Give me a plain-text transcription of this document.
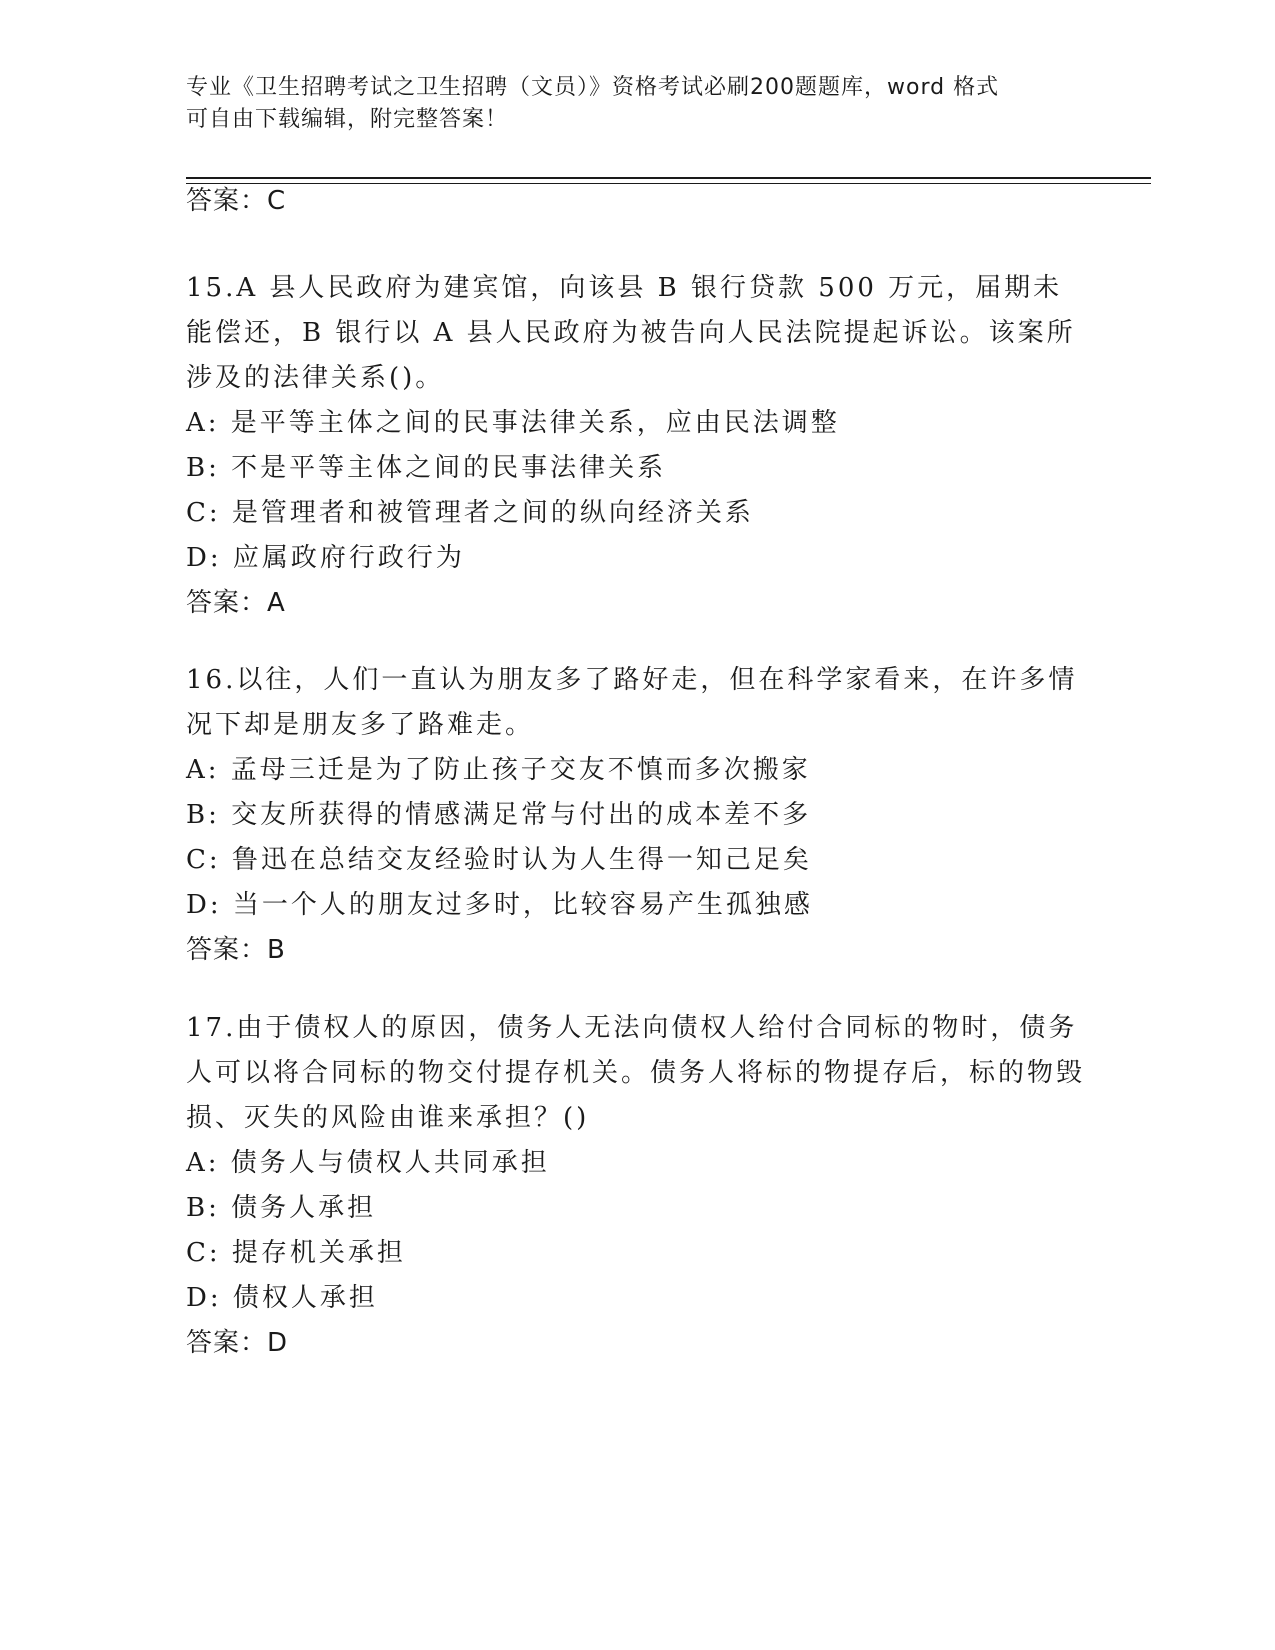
专业《卫生招聘考试之卫生招聘（文员）》资格考试必刷200题题库，word 格式
可自由下载编辑，附完整答案！
答案：C

15.A 县人民政府为建宾馆，向该县 B 银行贷款 500 万元，届期未能偿还，B 银行以 A 县人民政府为被告向人民法院提起诉讼。该案所涉及的法律关系()。

A: 是平等主体之间的民事法律关系，应由民法调整

B: 不是平等主体之间的民事法律关系

C: 是管理者和被管理者之间的纵向经济关系

D: 应属政府行政行为

答案：A

16.以往，人们一直认为朋友多了路好走，但在科学家看来，在许多情况下却是朋友多了路难走。

A: 孟母三迁是为了防止孩子交友不慎而多次搬家

B: 交友所获得的情感满足常与付出的成本差不多

C: 鲁迅在总结交友经验时认为人生得一知己足矣

D: 当一个人的朋友过多时，比较容易产生孤独感

答案：B

17.由于债权人的原因，债务人无法向债权人给付合同标的物时，债务人可以将合同标的物交付提存机关。债务人将标的物提存后，标的物毁损、灭失的风险由谁来承担？()

A: 债务人与债权人共同承担

B: 债务人承担

C: 提存机关承担

D: 债权人承担

答案：D
